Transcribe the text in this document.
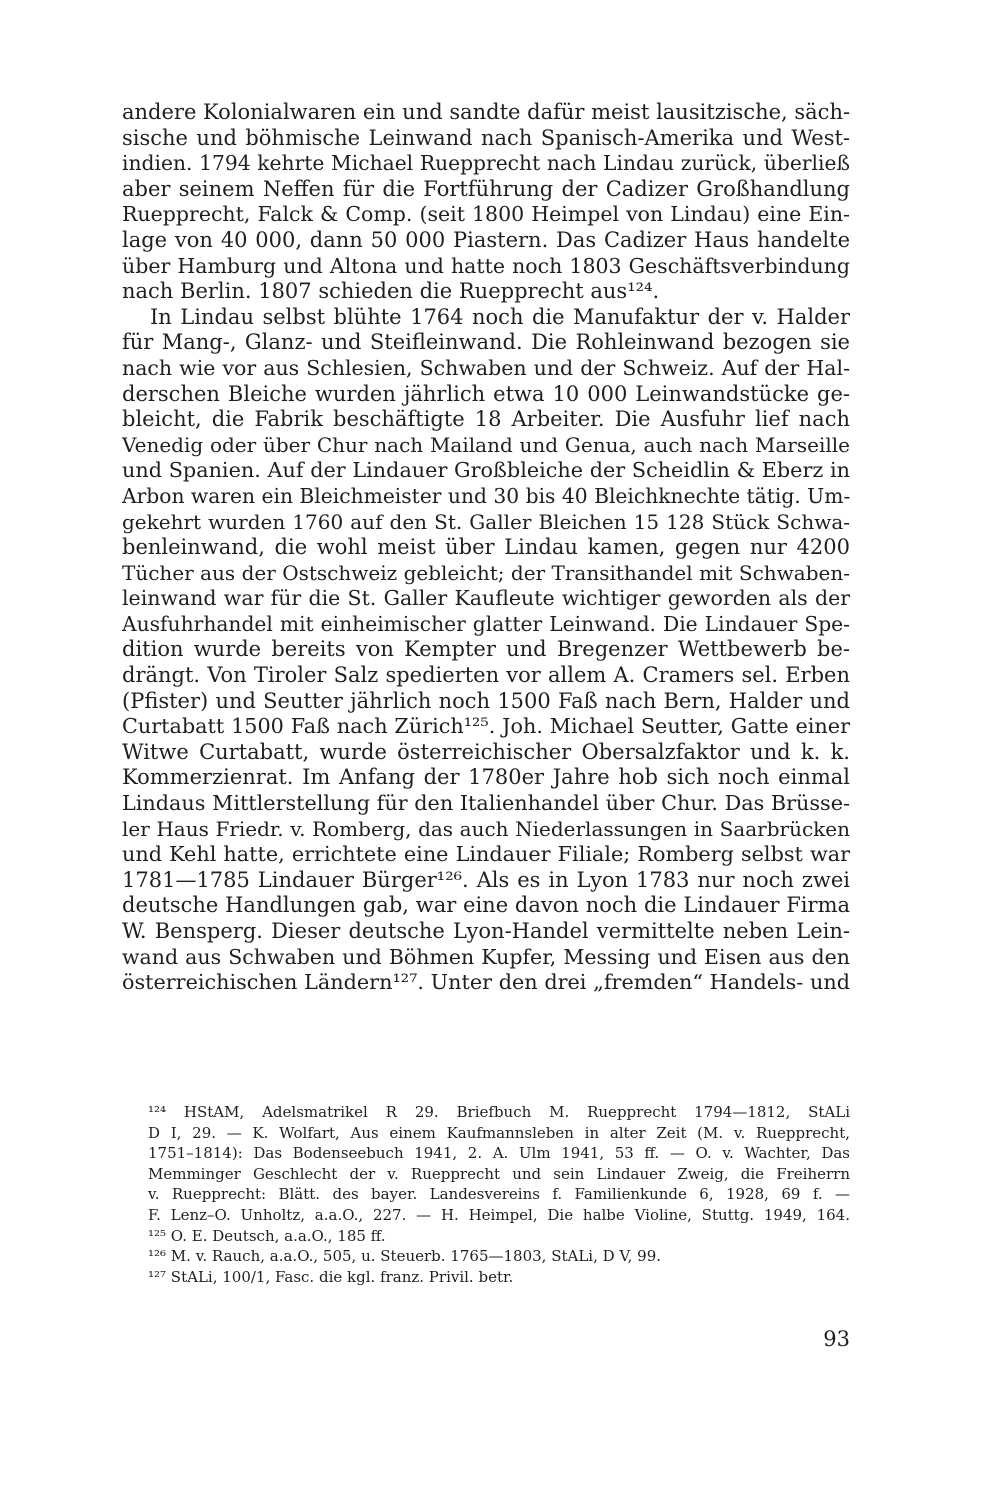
andere Kolonialwaren ein und sandte dafür meist lausitzische, säch-
sische und böhmische Leinwand nach Spanisch-Amerika und West-
indien. 1794 kehrte Michael Ruepprecht nach Lindau zurück, überließ
aber seinem Neffen für die Fortführung der Cadizer Großhandlung
Ruepprecht, Falck & Comp. (seit 1800 Heimpel von Lindau) eine Ein-
lage von 40 000, dann 50 000 Piastern. Das Cadizer Haus handelte
über Hamburg und Altona und hatte noch 1803 Geschäftsverbindung
nach Berlin. 1807 schieden die Ruepprecht aus¹²⁴.
In Lindau selbst blühte 1764 noch die Manufaktur der v. Halder
für Mang-, Glanz- und Steifleinwand. Die Rohleinwand bezogen sie
nach wie vor aus Schlesien, Schwaben und der Schweiz. Auf der Hal-
derschen Bleiche wurden jährlich etwa 10 000 Leinwandstücke ge-
bleicht, die Fabrik beschäftigte 18 Arbeiter. Die Ausfuhr lief nach
Venedig oder über Chur nach Mailand und Genua, auch nach Marseille
und Spanien. Auf der Lindauer Großbleiche der Scheidlin & Eberz in
Arbon waren ein Bleichmeister und 30 bis 40 Bleichknechte tätig. Um-
gekehrt wurden 1760 auf den St. Galler Bleichen 15 128 Stück Schwa-
benleinwand, die wohl meist über Lindau kamen, gegen nur 4200
Tücher aus der Ostschweiz gebleicht; der Transithandel mit Schwaben-
leinwand war für die St. Galler Kaufleute wichtiger geworden als der
Ausfuhrhandel mit einheimischer glatter Leinwand. Die Lindauer Spe-
dition wurde bereits von Kempter und Bregenzer Wettbewerb be-
drängt. Von Tiroler Salz spedierten vor allem A. Cramers sel. Erben
(Pfister) und Seutter jährlich noch 1500 Faß nach Bern, Halder und
Curtabatt 1500 Faß nach Zürich¹²⁵. Joh. Michael Seutter, Gatte einer
Witwe Curtabatt, wurde österreichischer Obersalzfaktor und k. k.
Kommerzienrat. Im Anfang der 1780er Jahre hob sich noch einmal
Lindaus Mittlerstellung für den Italienhandel über Chur. Das Brüsse-
ler Haus Friedr. v. Romberg, das auch Niederlassungen in Saarbrücken
und Kehl hatte, errichtete eine Lindauer Filiale; Romberg selbst war
1781—1785 Lindauer Bürger¹²⁶. Als es in Lyon 1783 nur noch zwei
deutsche Handlungen gab, war eine davon noch die Lindauer Firma
W. Bensperg. Dieser deutsche Lyon-Handel vermittelte neben Lein-
wand aus Schwaben und Böhmen Kupfer, Messing und Eisen aus den
österreichischen Ländern¹²⁷. Unter den drei „fremden“ Handels- und
¹²⁴ HStAM, Adelsmatrikel R 29. Briefbuch M. Ruepprecht 1794—1812, StALi
D I, 29. — K. Wolfart, Aus einem Kaufmannsleben in alter Zeit (M. v. Ruepprecht,
1751–1814): Das Bodenseebuch 1941, 2. A. Ulm 1941, 53 ff. — O. v. Wachter, Das
Memminger Geschlecht der v. Ruepprecht und sein Lindauer Zweig, die Freiherrn
v. Ruepprecht: Blätt. des bayer. Landesvereins f. Familienkunde 6, 1928, 69 f. —
F. Lenz–O. Unholtz, a.a.O., 227. — H. Heimpel, Die halbe Violine, Stuttg. 1949, 164.
¹²⁵ O. E. Deutsch, a.a.O., 185 ff.
¹²⁶ M. v. Rauch, a.a.O., 505, u. Steuerb. 1765—1803, StALi, D V, 99.
¹²⁷ StALi, 100/1, Fasc. die kgl. franz. Privil. betr.
93
